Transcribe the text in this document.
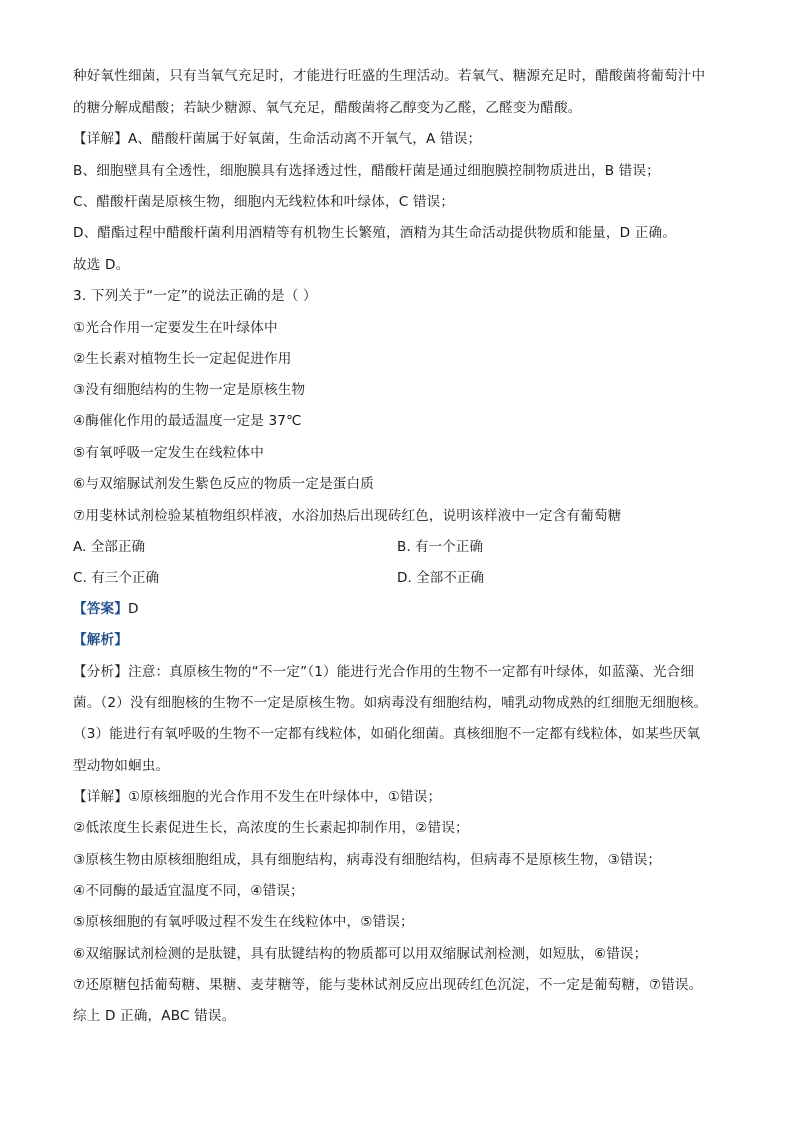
种好氧性细菌，只有当氧气充足时，才能进行旺盛的生理活动。若氧气、糖源充足时，醋酸菌将葡萄汁中
的糖分解成醋酸；若缺少糖源、氧气充足，醋酸菌将乙醇变为乙醛，乙醛变为醋酸。
【详解】A、醋酸杆菌属于好氧菌，生命活动离不开氧气，A 错误；
B、细胞壁具有全透性，细胞膜具有选择透过性，醋酸杆菌是通过细胞膜控制物质进出，B 错误；
C、醋酸杆菌是原核生物，细胞内无线粒体和叶绿体，C 错误；
D、醋酯过程中醋酸杆菌利用酒精等有机物生长繁殖，酒精为其生命活动提供物质和能量，D 正确。
故选 D。
3. 下列关于“一定”的说法正确的是（ ）
①光合作用一定要发生在叶绿体中
②生长素对植物生长一定起促进作用
③没有细胞结构的生物一定是原核生物
④酶催化作用的最适温度一定是 37℃
⑤有氧呼吸一定发生在线粒体中
⑥与双缩脲试剂发生紫色反应的物质一定是蛋白质
⑦用斐林试剂检验某植物组织样液，水浴加热后出现砖红色，说明该样液中一定含有葡萄糖
A. 全部正确	B. 有一个正确
C. 有三个正确	D. 全部不正确
【答案】D
【解析】
【分析】注意：真原核生物的“不一定”（1）能进行光合作用的生物不一定都有叶绿体，如蓝藻、光合细
菌。（2）没有细胞核的生物不一定是原核生物。如病毒没有细胞结构，哺乳动物成熟的红细胞无细胞核。
（3）能进行有氧呼吸的生物不一定都有线粒体，如硝化细菌。真核细胞不一定都有线粒体，如某些厌氧
型动物如蛔虫。
【详解】①原核细胞的光合作用不发生在叶绿体中，①错误；
②低浓度生长素促进生长，高浓度的生长素起抑制作用，②错误；
③原核生物由原核细胞组成，具有细胞结构，病毒没有细胞结构，但病毒不是原核生物，③错误；
④不同酶的最适宜温度不同，④错误；
⑤原核细胞的有氧呼吸过程不发生在线粒体中，⑤错误；
⑥双缩脲试剂检测的是肽键，具有肽键结构的物质都可以用双缩脲试剂检测，如短肽，⑥错误；
⑦还原糖包括葡萄糖、果糖、麦芽糖等，能与斐林试剂反应出现砖红色沉淀，不一定是葡萄糖，⑦错误。
综上 D 正确，ABC 错误。
